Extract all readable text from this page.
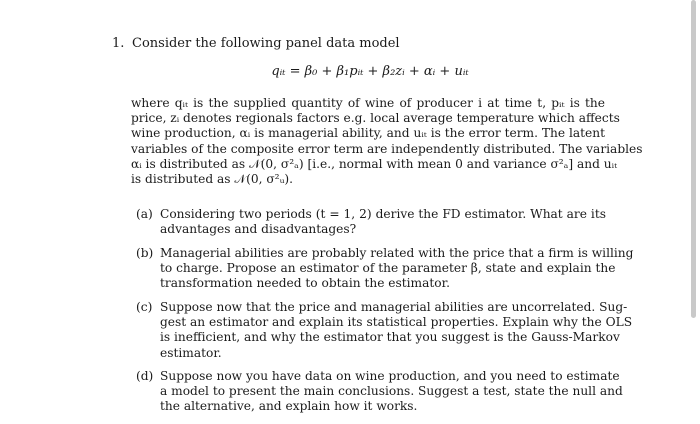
1. Consider the following panel data model
qᵢₜ = β₀ + β₁pᵢₜ + β₂zᵢ + αᵢ + uᵢₜ
where qᵢₜ is the supplied quantity of wine of producer i at time t, pᵢₜ is the
price, zᵢ denotes regionals factors e.g. local average temperature which affects
wine production, αᵢ is managerial ability, and uᵢₜ is the error term. The latent
variables of the composite error term are independently distributed. The variables
αᵢ is distributed as 𝒩(0, σ²ₐ) [i.e., normal with mean 0 and variance σ²ₐ] and uᵢₜ
is distributed as 𝒩(0, σ²ᵤ).
(a) Considering two periods (t = 1, 2) derive the FD estimator. What are its
advantages and disadvantages?
(b) Managerial abilities are probably related with the price that a firm is willing
to charge. Propose an estimator of the parameter β, state and explain the
transformation needed to obtain the estimator.
(c) Suppose now that the price and managerial abilities are uncorrelated. Sug-
gest an estimator and explain its statistical properties. Explain why the OLS
is inefficient, and why the estimator that you suggest is the Gauss-Markov
estimator.
(d) Suppose now you have data on wine production, and you need to estimate
a model to present the main conclusions. Suggest a test, state the null and
the alternative, and explain how it works.
